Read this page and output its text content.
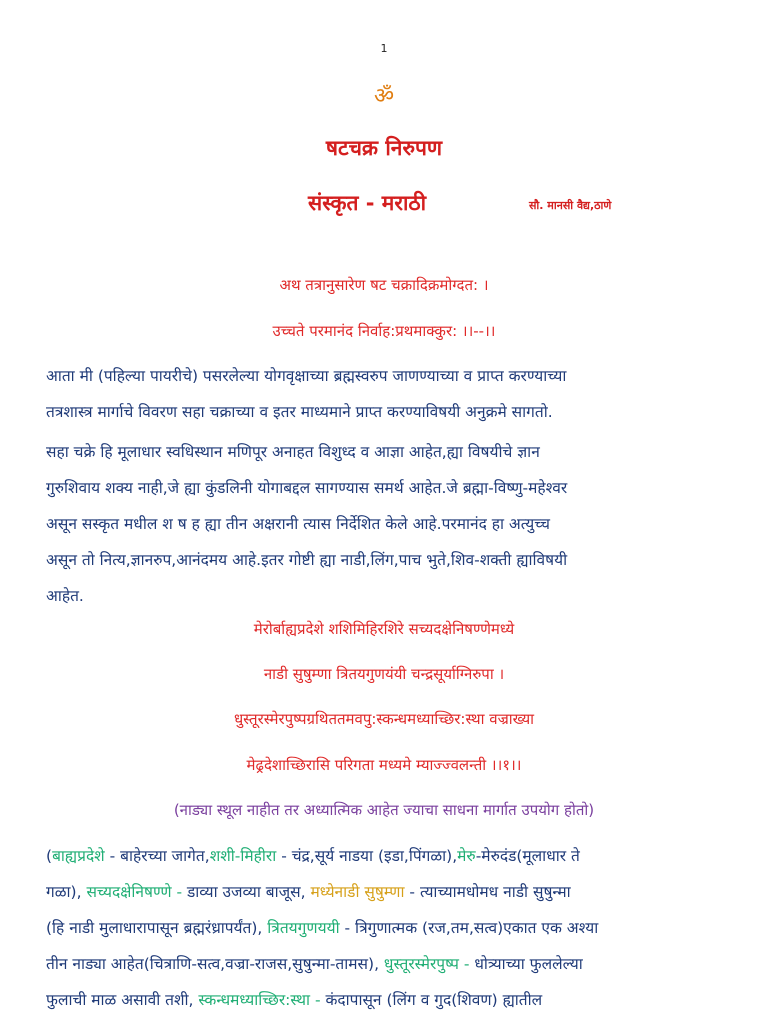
1
ॐ
षटचक्र निरुपण
संस्कृत - मराठी	सौ. मानसी वैद्य,ठाणे
अथ तत्रानुसारेण षट चक्रादिक्रमोग्दत: ।
उच्चते परमानंद निर्वाह:प्रथमाक्कुर: ।।--।।
आता मी (पहिल्या पायरीचे) पसरलेल्या योगवृक्षाच्या ब्रह्मस्वरुप जाणण्याच्या व प्राप्त करण्याच्या
तत्रशास्त्र मार्गाचे विवरण सहा चक्राच्या व इतर माध्यमाने प्राप्त करण्याविषयी अनुक्रमे सागतो.
सहा चक्रे हि मूलाधार स्वधिस्थान मणिपूर अनाहत विशुध्द व आज्ञा आहेत,ह्या विषयीचे ज्ञान
गुरुशिवाय शक्य नाही,जे ह्या कुंडलिनी योगाबद्दल सागण्यास समर्थ आहेत.जे ब्रह्मा-विष्णु-महेश्वर
असून सस्कृत मधील श ष ह ह्या तीन अक्षरानी त्यास निर्देशित केले आहे.परमानंद हा अत्युच्च
असून तो नित्य,ज्ञानरुप,आनंदमय आहे.इतर गोष्टी ह्या नाडी,लिंग,पाच भुते,शिव-शक्ती ह्याविषयी
आहेत.
मेरोर्बाह्यप्रदेशे शशिमिहिरशिरे सच्यदक्षेनिषण्णेमध्ये
नाडी सुषुम्णा त्रितयगुणयंयी चन्द्रसूर्याग्निरुपा ।
धुस्तूरस्मेरपुष्पग्रथिततमवपु:स्कन्धमध्याच्छिर:स्था वज्राख्या
मेढ्रदेशाच्छिरासि परिगता मध्यमे म्याज्ज्वलन्ती ।।१।।
(नाड्या स्थूल नाहीत तर अध्यात्मिक आहेत ज्याचा साधना मार्गात उपयोग होतो)
(बाह्यप्रदेशे - बाहेरच्या जागेत,शशी-मिहीरा - चंद्र,सूर्य नाडया (इडा,पिंगळा),मेरु-मेरुदंड(मूलाधार ते
गळा), सच्यदक्षेनिषण्णे - डाव्या उजव्या बाजूस, मध्येनाडी सुषुम्णा - त्याच्यामधोमध नाडी सुषुन्मा
(हि नाडी मुलाधारापासून ब्रह्मरंध्रापर्यंत), त्रितयगुणययी - त्रिगुणात्मक (रज,तम,सत्व)एकात एक अश्या
तीन नाड्या आहेत(चित्राणि-सत्व,वज्रा-राजस,सुषुन्मा-तामस), धुस्तूरस्मेरपुष्प - धोत्र्याच्या फुललेल्या
फुलाची माळ असावी तशी, स्कन्धमध्याच्छिर:स्था - कंदापासून (लिंग व गुद(शिवण) ह्यातील
